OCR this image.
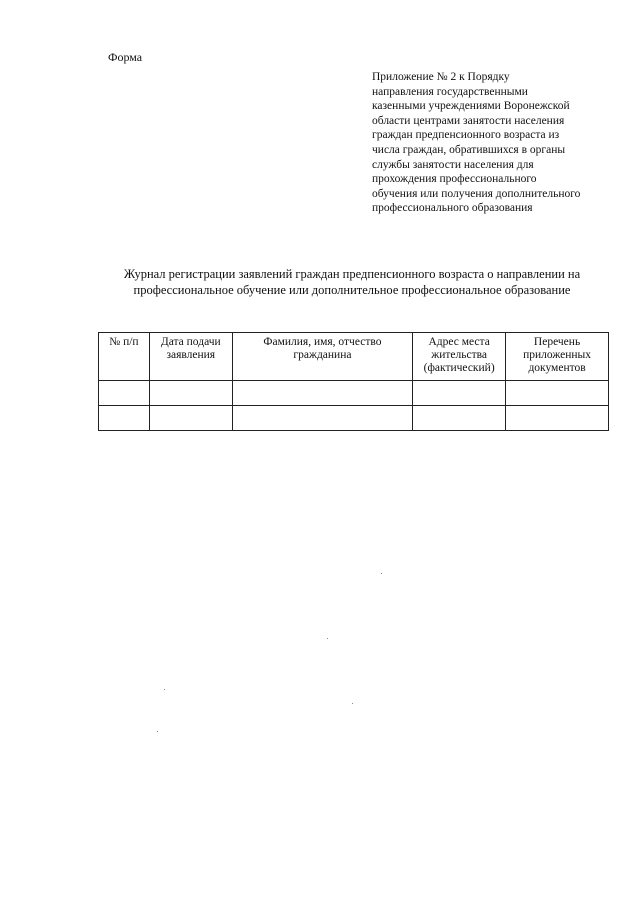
Форма
Приложение № 2 к Порядку
направления государственными
казенными учреждениями Воронежской
области центрами занятости населения
граждан предпенсионного возраста из
числа граждан, обратившихся в органы
службы занятости населения для
прохождения профессионального
обучения или получения дополнительного
профессионального образования
Журнал регистрации заявлений граждан предпенсионного возраста о направлении на
профессиональное обучение или дополнительное профессиональное образование
№ п/п	Дата подачи заявления	Фамилия, имя, отчество гражданина	Адрес места жительства (фактический)	Перечень приложенных документов
